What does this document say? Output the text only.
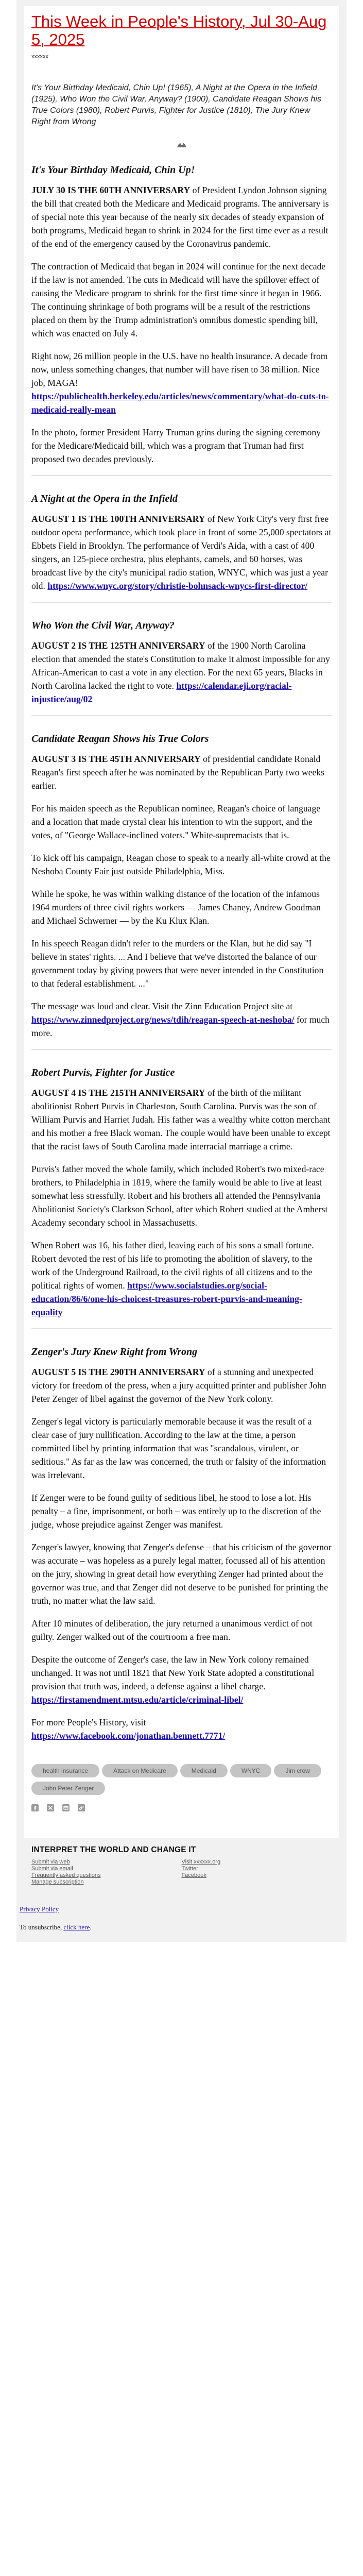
This Week in People's History, Jul 30-Aug 5, 2025

xxxxxx

It's Your Birthday Medicaid, Chin Up! (1965), A Night at the Opera in the Infield (1925), Who Won the Civil War, Anyway? (1900), Candidate Reagan Shows his True Colors (1980), Robert Purvis, Fighter for Justice (1810), The Jury Knew Right from Wrong

It's Your Birthday Medicaid, Chin Up!

JULY 30 IS THE 60TH ANNIVERSARY of President Lyndon Johnson signing the bill that created both the Medicare and Medicaid programs. The anniversary is of special note this year because of the nearly six decades of steady expansion of both programs, Medicaid began to shrink in 2024 for the first time ever as a result of the end of the emergency caused by the Coronavirus pandemic.

The contraction of Medicaid that began in 2024 will continue for the next decade if the law is not amended. The cuts in Medicaid will have the spillover effect of causing the Medicare program to shrink for the first time since it began in 1966. The continuing shrinkage of both programs will be a result of the restrictions placed on them by the Trump administration's omnibus domestic spending bill, which was enacted on July 4.

Right now, 26 million people in the U.S. have no health insurance. A decade from now, unless something changes, that number will have risen to 38 million. Nice job, MAGA! https://publichealth.berkeley.edu/articles/news/commentary/what-do-cuts-to-medicaid-really-mean

In the photo, former President Harry Truman grins during the signing ceremony for the Medicare/Medicaid bill, which was a program that Truman had first proposed two decades previously.

A Night at the Opera in the Infield

AUGUST 1 IS THE 100TH ANNIVERSARY of New York City's very first free outdoor opera performance, which took place in front of some 25,000 spectators at Ebbets Field in Brooklyn. The performance of Verdi's Aida, with a cast of 400 singers, an 125-piece orchestra, plus elephants, camels, and 60 horses, was broadcast live by the city's municipal radio station, WNYC, which was just a year old. https://www.wnyc.org/story/christie-bohnsack-wnycs-first-director/

Who Won the Civil War, Anyway?

AUGUST 2 IS THE 125TH ANNIVERSARY of the 1900 North Carolina election that amended the state's Constitution to make it almost impossible for any African-American to cast a vote in any election. For the next 65 years, Blacks in North Carolina lacked the right to vote. https://calendar.eji.org/racial-injustice/aug/02

Candidate Reagan Shows his True Colors

AUGUST 3 IS THE 45TH ANNIVERSARY of presidential candidate Ronald Reagan's first speech after he was nominated by the Republican Party two weeks earlier.

For his maiden speech as the Republican nominee, Reagan's choice of language and a location that made crystal clear his intention to win the support, and the votes, of "George Wallace-inclined voters." White-supremacists that is.

To kick off his campaign, Reagan chose to speak to a nearly all-white crowd at the Neshoba County Fair just outside Philadelphia, Miss.

While he spoke, he was within walking distance of the location of the infamous 1964 murders of three civil rights workers — James Chaney, Andrew Goodman and Michael Schwerner — by the Ku Klux Klan.

In his speech Reagan didn't refer to the murders or the Klan, but he did say "I believe in states' rights. ... And I believe that we've distorted the balance of our government today by giving powers that were never intended in the Constitution to that federal establishment. ..."

The message was loud and clear. Visit the Zinn Education Project site at https://www.zinnedproject.org/news/tdih/reagan-speech-at-neshoba/ for much more.

Robert Purvis, Fighter for Justice

AUGUST 4 IS THE 215TH ANNIVERSARY of the birth of the militant abolitionist Robert Purvis in Charleston, South Carolina. Purvis was the son of William Purvis and Harriet Judah. His father was a wealthy white cotton merchant and his mother a free Black woman. The couple would have been unable to except that the racist laws of South Carolina made interracial marriage a crime.

Purvis's father moved the whole family, which included Robert's two mixed-race brothers, to Philadelphia in 1819, where the family would be able to live at least somewhat less stressfully. Robert and his brothers all attended the Pennsylvania Abolitionist Society's Clarkson School, after which Robert studied at the Amherst Academy secondary school in Massachusetts.

When Robert was 16, his father died, leaving each of his sons a small fortune. Robert devoted the rest of his life to promoting the abolition of slavery, to the work of the Underground Railroad, to the civil rights of all citizens and to the political rights of women. https://www.socialstudies.org/social-education/86/6/one-his-choicest-treasures-robert-purvis-and-meaning-equality

Zenger's Jury Knew Right from Wrong

AUGUST 5 IS THE 290TH ANNIVERSARY of a stunning and unexpected victory for freedom of the press, when a jury acquitted printer and publisher John Peter Zenger of libel against the governor of the New York colony.

Zenger's legal victory is particularly memorable because it was the result of a clear case of jury nullification. According to the law at the time, a person committed libel by printing information that was "scandalous, virulent, or seditious." As far as the law was concerned, the truth or falsity of the information was irrelevant.

If Zenger were to be found guilty of seditious libel, he stood to lose a lot. His penalty – a fine, imprisonment, or both – was entirely up to the discretion of the judge, whose prejudice against Zenger was manifest.

Zenger's lawyer, knowing that Zenger's defense – that his criticism of the governor was accurate – was hopeless as a purely legal matter, focussed all of his attention on the jury, showing in great detail how everything Zenger had printed about the governor was true, and that Zenger did not deserve to be punished for printing the truth, no matter what the law said.

After 10 minutes of deliberation, the jury returned a unanimous verdict of not guilty. Zenger walked out of the courtroom a free man.

Despite the outcome of Zenger's case, the law in New York colony remained unchanged. It was not until 1821 that New York State adopted a constitutional provision that truth was, indeed, a defense against a libel charge. https://firstamendment.mtsu.edu/article/criminal-libel/

For more People's History, visit https://www.facebook.com/jonathan.bennett.7771/

health insurance	Attack on Medicare	Medicaid	WNYC	Jim crowJohn Peter Zenger

INTERPRET THE WORLD AND CHANGE IT
Submit via web
Submit via email
Frequently asked questions
Manage subscription
Visit xxxxxx.org
Twitter
Facebook
Privacy Policy
To unsubscribe, click here.
